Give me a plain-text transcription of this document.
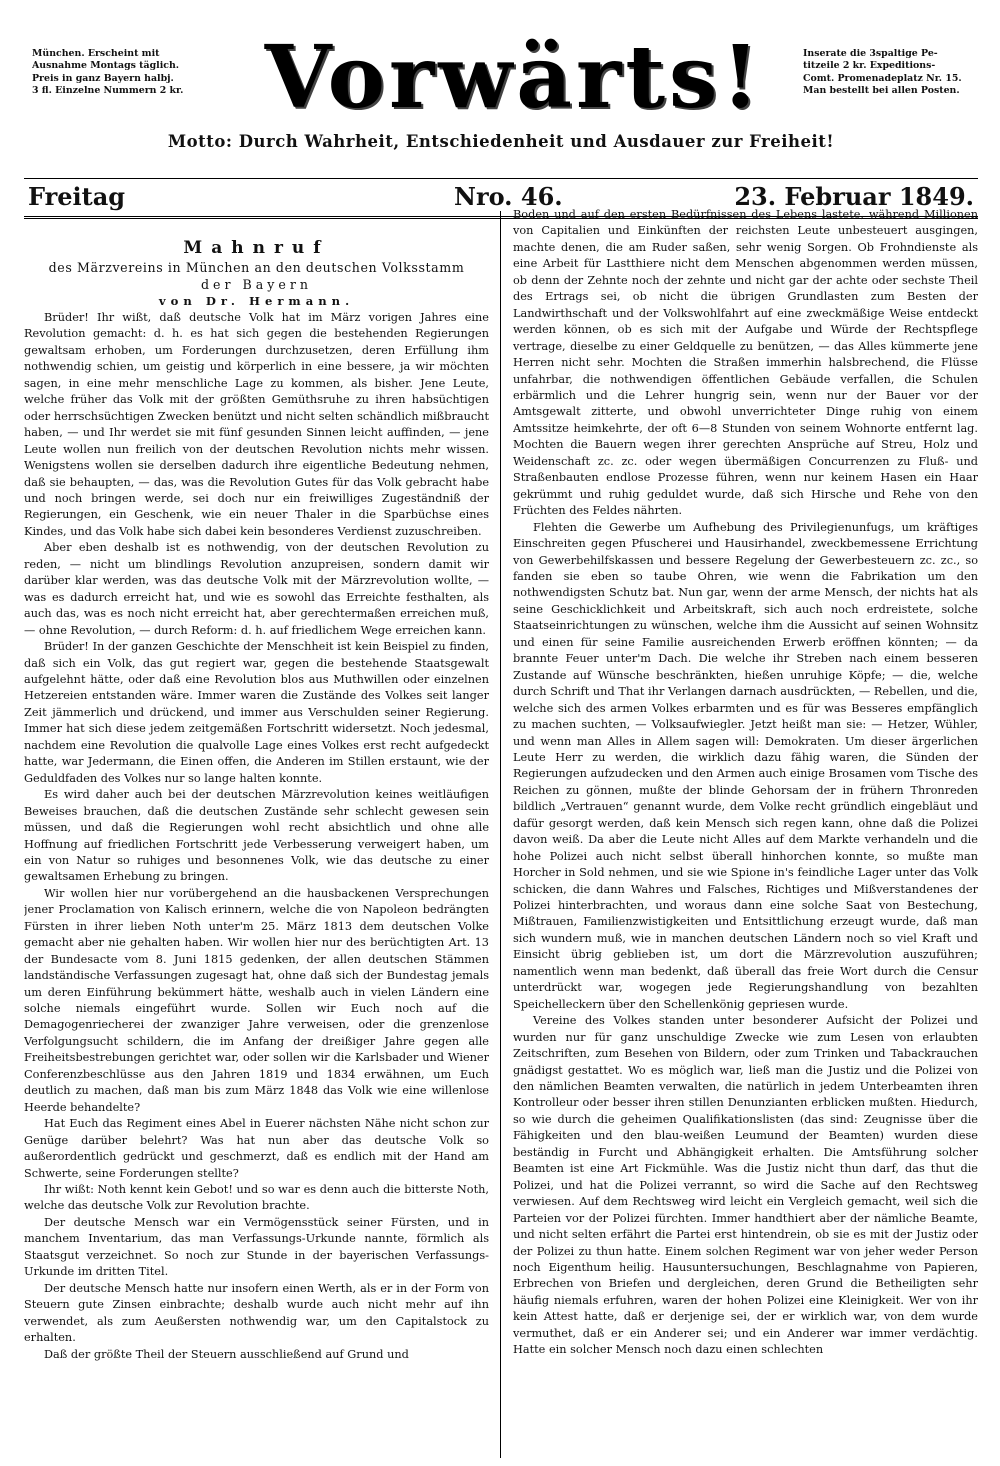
München. Erscheint mit
Ausnahme Montags täglich.
Preis in ganz Bayern halbj.
3 fl. Einzelne Nummern 2 kr. Vorwärts!	Inserate die 3spaltige Pe-
titzeile 2 kr. Expeditions-
Comt. Promenadeplatz Nr. 15.
Man bestellt bei allen Posten.
Motto: Durch Wahrheit, Entschiedenheit und Ausdauer zur Freiheit!
Freitag	Nro. 46.	23. Februar 1849.
Mahnruf
des Märzvereins in München an den deutschen Volksstamm
der Bayern
von Dr. Hermann.

Brüder! Ihr wißt, daß deutsche Volk hat im März vorigen Jahres eine Revolution gemacht: d. h. es hat sich gegen die bestehenden Regierungen gewaltsam erhoben, um Forderungen durchzusetzen, deren Erfüllung ihm nothwendig schien, um geistig und körperlich in eine bessere, ja wir möchten sagen, in eine mehr menschliche Lage zu kommen, als bisher. Jene Leute, welche früher das Volk mit der größten Gemüthsruhe zu ihren habsüchtigen oder herrschsüchtigen Zwecken benützt und nicht selten schändlich mißbraucht haben, — und Ihr werdet sie mit fünf gesunden Sinnen leicht auffinden, — jene Leute wollen nun freilich von der deutschen Revolution nichts mehr wissen. Wenigstens wollen sie derselben dadurch ihre eigentliche Bedeutung nehmen, daß sie behaupten, — das, was die Revolution Gutes für das Volk gebracht habe und noch bringen werde, sei doch nur ein freiwilliges Zugeständniß der Regierungen, ein Geschenk, wie ein neuer Thaler in die Sparbüchse eines Kindes, und das Volk habe sich dabei kein besonderes Verdienst zuzuschreiben.

Aber eben deshalb ist es nothwendig, von der deutschen Revolution zu reden, — nicht um blindlings Revolution anzupreisen, sondern damit wir darüber klar werden, was das deutsche Volk mit der Märzrevolution wollte, — was es dadurch erreicht hat, und wie es sowohl das Erreichte festhalten, als auch das, was es noch nicht erreicht hat, aber gerechtermaßen erreichen muß, — ohne Revolution, — durch Reform: d. h. auf friedlichem Wege erreichen kann.

Brüder! In der ganzen Geschichte der Menschheit ist kein Beispiel zu finden, daß sich ein Volk, das gut regiert war, gegen die bestehende Staatsgewalt aufgelehnt hätte, oder daß eine Revolution blos aus Muthwillen oder einzelnen Hetzereien entstanden wäre. Immer waren die Zustände des Volkes seit langer Zeit jämmerlich und drückend, und immer aus Verschulden seiner Regierung. Immer hat sich diese jedem zeitgemäßen Fortschritt widersetzt. Noch jedesmal, nachdem eine Revolution die qualvolle Lage eines Volkes erst recht aufgedeckt hatte, war Jedermann, die Einen offen, die Anderen im Stillen erstaunt, wie der Geduldfaden des Volkes nur so lange halten konnte.

Es wird daher auch bei der deutschen Märzrevolution keines weitläufigen Beweises brauchen, daß die deutschen Zustände sehr schlecht gewesen sein müssen, und daß die Regierungen wohl recht absichtlich und ohne alle Hoffnung auf friedlichen Fortschritt jede Verbesserung verweigert haben, um ein von Natur so ruhiges und besonnenes Volk, wie das deutsche zu einer gewaltsamen Erhebung zu bringen.

Wir wollen hier nur vorübergehend an die hausbackenen Versprechungen jener Proclamation von Kalisch erinnern, welche die von Napoleon bedrängten Fürsten in ihrer lieben Noth unter'm 25. März 1813 dem deutschen Volke gemacht aber nie gehalten haben. Wir wollen hier nur des berüchtigten Art. 13 der Bundesacte vom 8. Juni 1815 gedenken, der allen deutschen Stämmen landständische Verfassungen zugesagt hat, ohne daß sich der Bundestag jemals um deren Einführung bekümmert hätte, weshalb auch in vielen Ländern eine solche niemals eingeführt wurde. Sollen wir Euch noch auf die Demagogenriecherei der zwanziger Jahre verweisen, oder die grenzenlose Verfolgungsucht schildern, die im Anfang der dreißiger Jahre gegen alle Freiheitsbestrebungen gerichtet war, oder sollen wir die Karlsbader und Wiener Conferenzbeschlüsse aus den Jahren 1819 und 1834 erwähnen, um Euch deutlich zu machen, daß man bis zum März 1848 das Volk wie eine willenlose Heerde behandelte?

Hat Euch das Regiment eines Abel in Euerer nächsten Nähe nicht schon zur Genüge darüber belehrt? Was hat nun aber das deutsche Volk so außerordentlich gedrückt und geschmerzt, daß es endlich mit der Hand am Schwerte, seine Forderungen stellte?

Ihr wißt: Noth kennt kein Gebot! und so war es denn auch die bitterste Noth, welche das deutsche Volk zur Revolution brachte.

Der deutsche Mensch war ein Vermögensstück seiner Fürsten, und in manchem Inventarium, das man Verfassungs-Urkunde nannte, förmlich als Staatsgut verzeichnet. So noch zur Stunde in der bayerischen Verfassungs-Urkunde im dritten Titel.

Der deutsche Mensch hatte nur insofern einen Werth, als er in der Form von Steuern gute Zinsen einbrachte; deshalb wurde auch nicht mehr auf ihn verwendet, als zum Aeußersten nothwendig war, um den Capitalstock zu erhalten.

Daß der größte Theil der Steuern ausschließend auf Grund und

Boden und auf den ersten Bedürfnissen des Lebens lastete, während Millionen von Capitalien und Einkünften der reichsten Leute unbesteuert ausgingen, machte denen, die am Ruder saßen, sehr wenig Sorgen. Ob Frohndienste als eine Arbeit für Lastthiere nicht dem Menschen abgenommen werden müssen, ob denn der Zehnte noch der zehnte und nicht gar der achte oder sechste Theil des Ertrags sei, ob nicht die übrigen Grundlasten zum Besten der Landwirthschaft und der Volkswohlfahrt auf eine zweckmäßige Weise entdeckt werden können, ob es sich mit der Aufgabe und Würde der Rechtspflege vertrage, dieselbe zu einer Geldquelle zu benützen, — das Alles kümmerte jene Herren nicht sehr. Mochten die Straßen immerhin halsbrechend, die Flüsse unfahrbar, die nothwendigen öffentlichen Gebäude verfallen, die Schulen erbärmlich und die Lehrer hungrig sein, wenn nur der Bauer vor der Amtsgewalt zitterte, und obwohl unverrichteter Dinge ruhig von einem Amtssitze heimkehrte, der oft 6—8 Stunden von seinem Wohnorte entfernt lag. Mochten die Bauern wegen ihrer gerechten Ansprüche auf Streu, Holz und Weidenschaft zc. zc. oder wegen übermäßigen Concurrenzen zu Fluß- und Straßenbauten endlose Prozesse führen, wenn nur keinem Hasen ein Haar gekrümmt und ruhig geduldet wurde, daß sich Hirsche und Rehe von den Früchten des Feldes nährten.

Flehten die Gewerbe um Aufhebung des Privilegienunfugs, um kräftiges Einschreiten gegen Pfuscherei und Hausirhandel, zweckbemessene Errichtung von Gewerbehilfskassen und bessere Regelung der Gewerbesteuern zc. zc., so fanden sie eben so taube Ohren, wie wenn die Fabrikation um den nothwendigsten Schutz bat. Nun gar, wenn der arme Mensch, der nichts hat als seine Geschicklichkeit und Arbeitskraft, sich auch noch erdreistete, solche Staatseinrichtungen zu wünschen, welche ihm die Aussicht auf seinen Wohnsitz und einen für seine Familie ausreichenden Erwerb eröffnen könnten; — da brannte Feuer unter'm Dach. Die welche ihr Streben nach einem besseren Zustande auf Wünsche beschränkten, hießen unruhige Köpfe; — die, welche durch Schrift und That ihr Verlangen darnach ausdrückten, — Rebellen, und die, welche sich des armen Volkes erbarmten und es für was Besseres empfänglich zu machen suchten, — Volksaufwiegler. Jetzt heißt man sie: — Hetzer, Wühler, und wenn man Alles in Allem sagen will: Demokraten. Um dieser ärgerlichen Leute Herr zu werden, die wirklich dazu fähig waren, die Sünden der Regierungen aufzudecken und den Armen auch einige Brosamen vom Tische des Reichen zu gönnen, mußte der blinde Gehorsam der in frühern Thronreden bildlich „Vertrauen“ genannt wurde, dem Volke recht gründlich eingebläut und dafür gesorgt werden, daß kein Mensch sich regen kann, ohne daß die Polizei davon weiß. Da aber die Leute nicht Alles auf dem Markte verhandeln und die hohe Polizei auch nicht selbst überall hinhorchen konnte, so mußte man Horcher in Sold nehmen, und sie wie Spione in's feindliche Lager unter das Volk schicken, die dann Wahres und Falsches, Richtiges und Mißverstandenes der Polizei hinterbrachten, und woraus dann eine solche Saat von Bestechung, Mißtrauen, Familienzwistigkeiten und Entsittlichung erzeugt wurde, daß man sich wundern muß, wie in manchen deutschen Ländern noch so viel Kraft und Einsicht übrig geblieben ist, um dort die Märzrevolution auszuführen; namentlich wenn man bedenkt, daß überall das freie Wort durch die Censur unterdrückt war, wogegen jede Regierungshandlung von bezahlten Speichelleckern über den Schellenkönig gepriesen wurde.

Vereine des Volkes standen unter besonderer Aufsicht der Polizei und wurden nur für ganz unschuldige Zwecke wie zum Lesen von erlaubten Zeitschriften, zum Besehen von Bildern, oder zum Trinken und Tabackrauchen gnädigst gestattet. Wo es möglich war, ließ man die Justiz und die Polizei von den nämlichen Beamten verwalten, die natürlich in jedem Unterbeamten ihren Kontrolleur oder besser ihren stillen Denunzianten erblicken mußten. Hiedurch, so wie durch die geheimen Qualifikationslisten (das sind: Zeugnisse über die Fähigkeiten und den blau-weißen Leumund der Beamten) wurden diese beständig in Furcht und Abhängigkeit erhalten. Die Amtsführung solcher Beamten ist eine Art Fickmühle. Was die Justiz nicht thun darf, das thut die Polizei, und hat die Polizei verrannt, so wird die Sache auf den Rechtsweg verwiesen. Auf dem Rechtsweg wird leicht ein Vergleich gemacht, weil sich die Parteien vor der Polizei fürchten. Immer handthiert aber der nämliche Beamte, und nicht selten erfährt die Partei erst hintendrein, ob sie es mit der Justiz oder der Polizei zu thun hatte. Einem solchen Regiment war von jeher weder Person noch Eigenthum heilig. Hausuntersuchungen, Beschlagnahme von Papieren, Erbrechen von Briefen und dergleichen, deren Grund die Betheiligten sehr häufig niemals erfuhren, waren der hohen Polizei eine Kleinigkeit. Wer von ihr kein Attest hatte, daß er derjenige sei, der er wirklich war, von dem wurde vermuthet, daß er ein Anderer sei; und ein Anderer war immer verdächtig. Hatte ein solcher Mensch noch dazu einen schlechten
